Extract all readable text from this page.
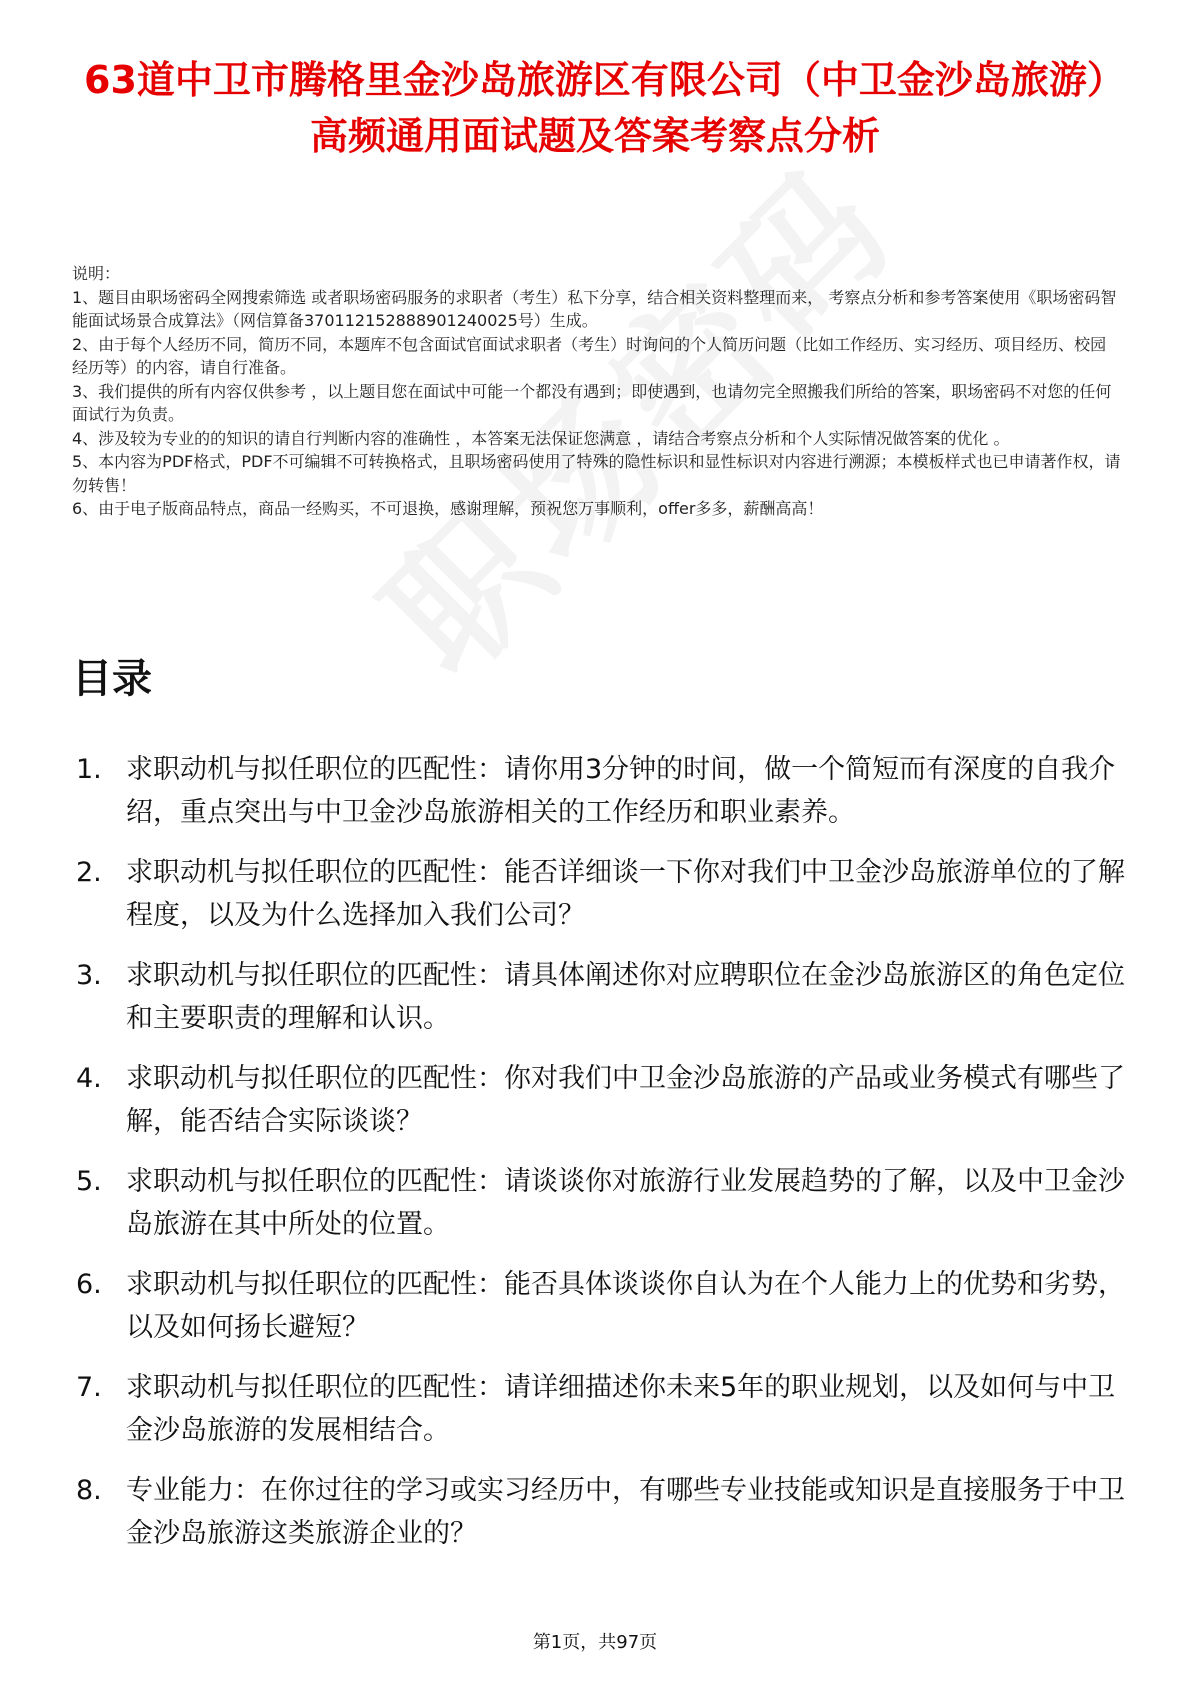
63道中卫市腾格里金沙岛旅游区有限公司（中卫金沙岛旅游）高频通用面试题及答案考察点分析

说明：

1、题目由职场密码全网搜索筛选 或者职场密码服务的求职者（考生）私下分享，结合相关资料整理而来， 考察点分析和参考答案使用《职场密码智能面试场景合成算法》（网信算备370112152888901240025号）生成。

2、由于每个人经历不同，简历不同，本题库不包含面试官面试求职者（考生）时询问的个人简历问题（比如工作经历、实习经历、项目经历、校园经历等）的内容，请自行准备。

3、我们提供的所有内容仅供参考 ，以上题目您在面试中可能一个都没有遇到；即使遇到，也请勿完全照搬我们所给的答案，职场密码不对您的任何面试行为负责。

4、涉及较为专业的的知识的请自行判断内容的准确性 ，本答案无法保证您满意 ，请结合考察点分析和个人实际情况做答案的优化 。

5、本内容为PDF格式，PDF不可编辑不可转换格式，且职场密码使用了特殊的隐性标识和显性标识对内容进行溯源；本模板样式也已申请著作权，请勿转售！

6、由于电子版商品特点，商品一经购买，不可退换，感谢理解，预祝您万事顺利，offer多多，薪酬高高！

目录
1. 求职动机与拟任职位的匹配性：请你用3分钟的时间，做一个简短而有深度的自我介绍，重点突出与中卫金沙岛旅游相关的工作经历和职业素养。
2. 求职动机与拟任职位的匹配性：能否详细谈一下你对我们中卫金沙岛旅游单位的了解程度，以及为什么选择加入我们公司？
3. 求职动机与拟任职位的匹配性：请具体阐述你对应聘职位在金沙岛旅游区的角色定位和主要职责的理解和认识。
4. 求职动机与拟任职位的匹配性：你对我们中卫金沙岛旅游的产品或业务模式有哪些了解，能否结合实际谈谈？
5. 求职动机与拟任职位的匹配性：请谈谈你对旅游行业发展趋势的了解，以及中卫金沙岛旅游在其中所处的位置。
6. 求职动机与拟任职位的匹配性：能否具体谈谈你自认为在个人能力上的优势和劣势，以及如何扬长避短？
7. 求职动机与拟任职位的匹配性：请详细描述你未来5年的职业规划，以及如何与中卫金沙岛旅游的发展相结合。
8. 专业能力：在你过往的学习或实习经历中，有哪些专业技能或知识是直接服务于中卫金沙岛旅游这类旅游企业的？
第1页，共97页
